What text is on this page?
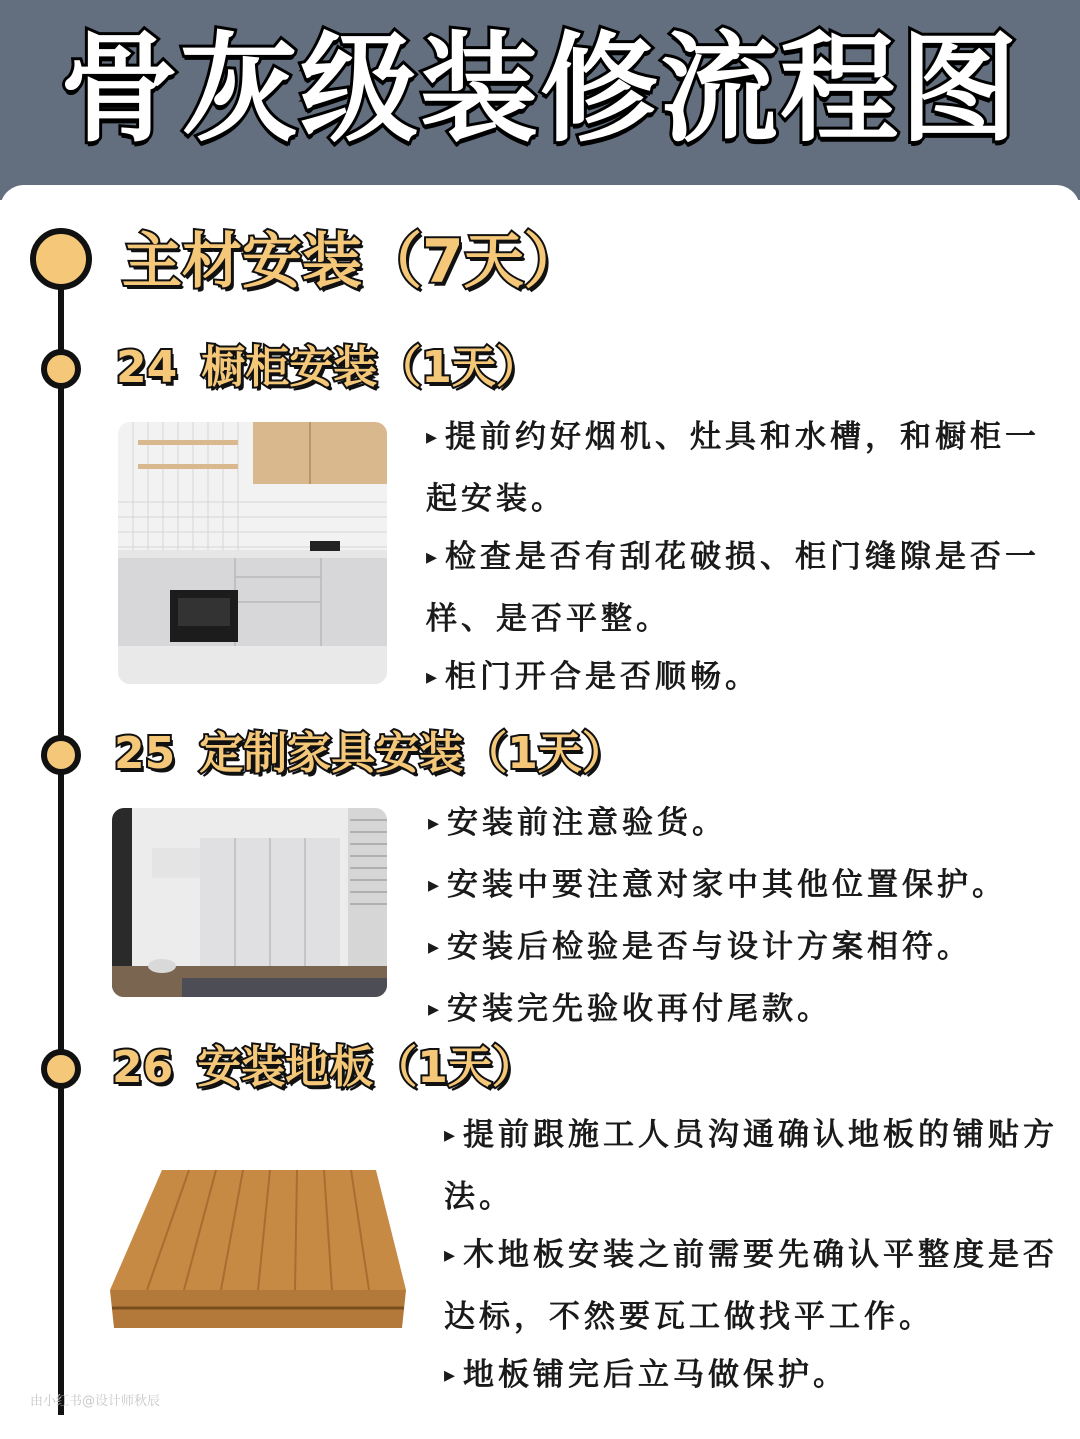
骨灰级装修流程图
主材安装（7天）
24 橱柜安装（1天）

▸ 提前约好烟机、灶具和水槽，和橱柜一起安装。

▸ 检查是否有刮花破损、柜门缝隙是否一样、是否平整。

▸ 柜门开合是否顺畅。

25 定制家具安装（1天）

▸ 安装前注意验货。

▸ 安装中要注意对家中其他位置保护。

▸ 安装后检验是否与设计方案相符。

▸ 安装完先验收再付尾款。

26 安装地板（1天）

▸ 提前跟施工人员沟通确认地板的铺贴方法。

▸ 木地板安装之前需要先确认平整度是否达标，不然要瓦工做找平工作。

▸ 地板铺完后立马做保护。

由小红书@设计师秋辰
